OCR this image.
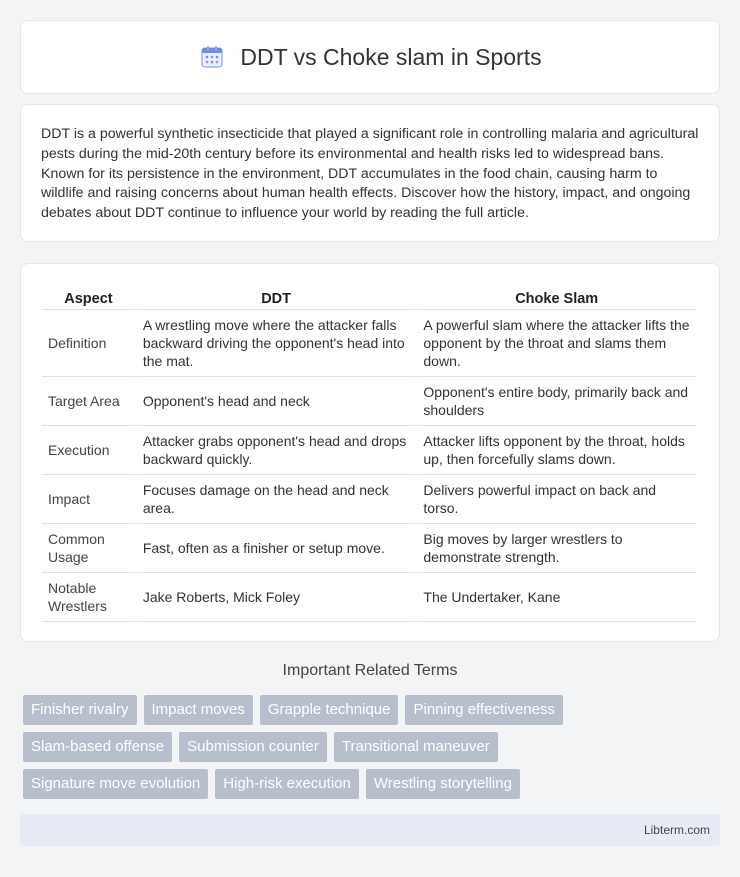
DDT vs Choke slam in Sports

DDT is a powerful synthetic insecticide that played a significant role in controlling malaria and agricultural pests during the mid-20th century before its environmental and health risks led to widespread bans. Known for its persistence in the environment, DDT accumulates in the food chain, causing harm to wildlife and raising concerns about human health effects. Discover how the history, impact, and ongoing debates about DDT continue to influence your world by reading the full article.

Aspect	DDT	Choke Slam
Definition	A wrestling move where the attacker falls backward driving the opponent's head into the mat.	A powerful slam where the attacker lifts the opponent by the throat and slams them down.
Target Area	Opponent's head and neck	Opponent's entire body, primarily back and shoulders
Execution	Attacker grabs opponent's head and drops backward quickly.	Attacker lifts opponent by the throat, holds up, then forcefully slams down.
Impact	Focuses damage on the head and neck area.	Delivers powerful impact on back and torso.
Common Usage	Fast, often as a finisher or setup move.	Big moves by larger wrestlers to demonstrate strength.
Notable Wrestlers	Jake Roberts, Mick Foley	The Undertaker, Kane
Important Related Terms
Finisher rivalry	Impact moves	Grapple technique	Pinning effectiveness
Slam-based offense	Submission counter	Transitional maneuver
Signature move evolution	High-risk execution	Wrestling storytelling
Libterm.com
